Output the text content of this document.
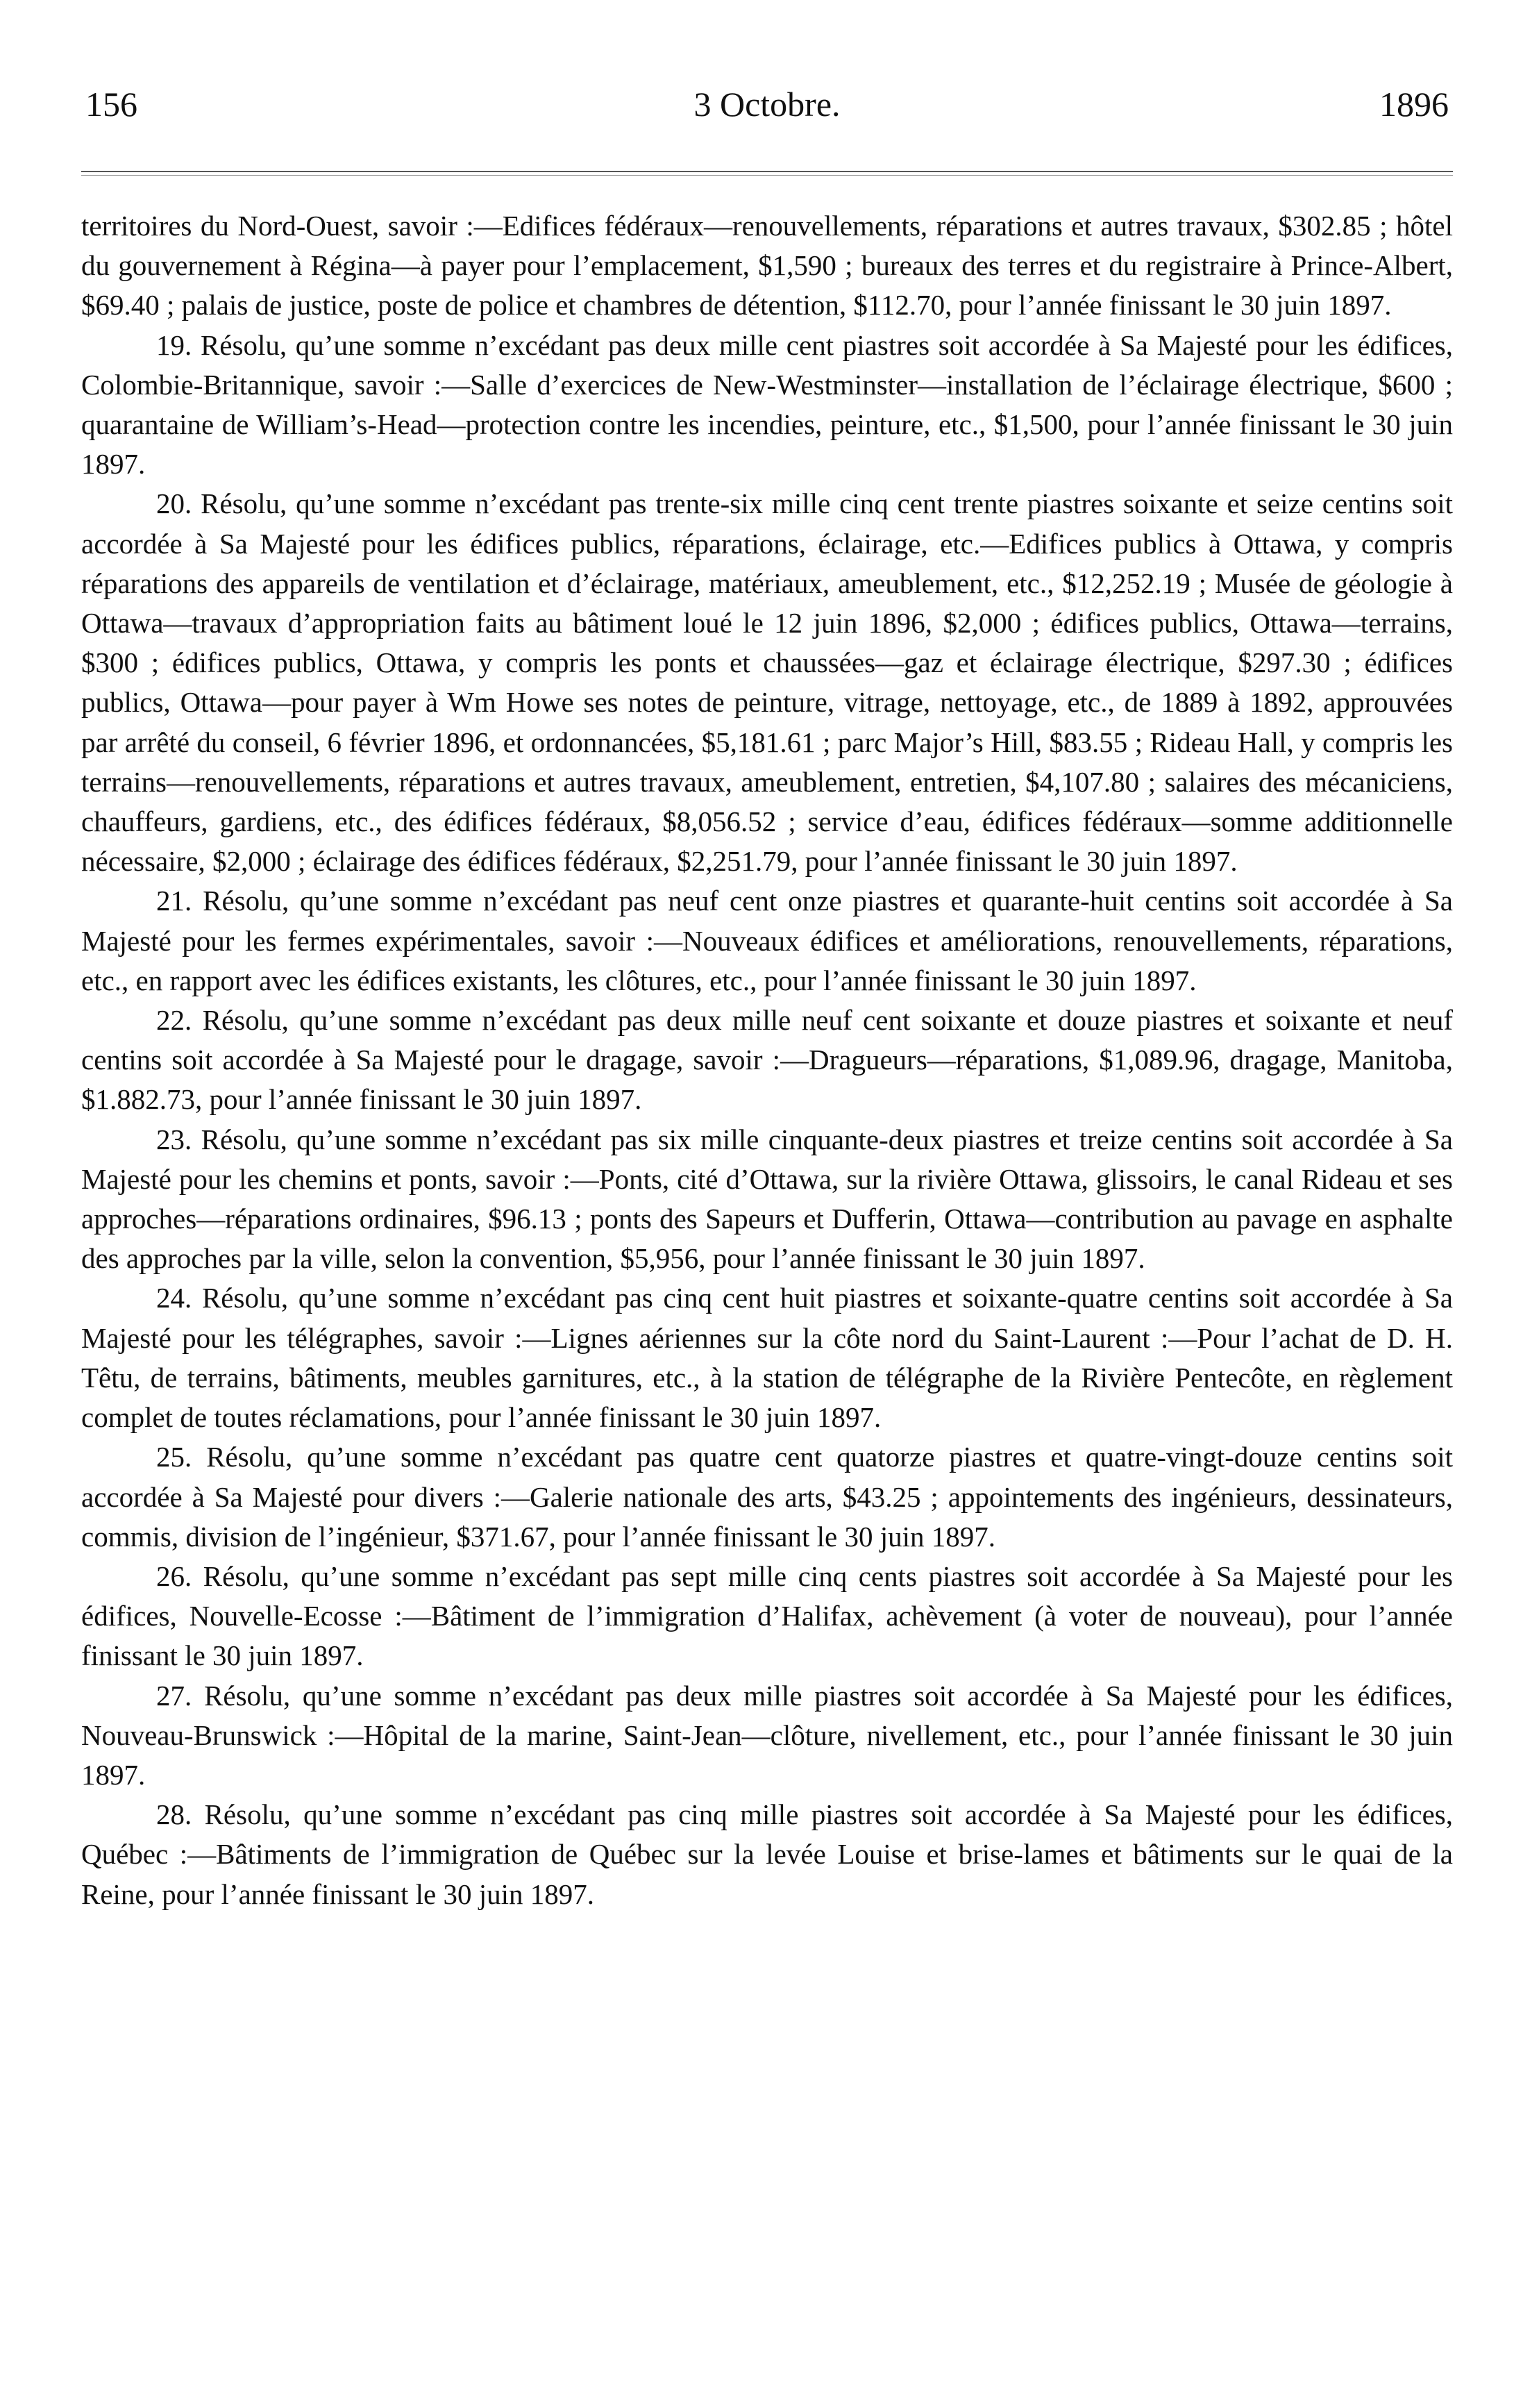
156	3 Octobre.	1896

territoires du Nord-Ouest, savoir :—Edifices fédéraux—renouvellements, réparations et autres travaux, $302.85 ; hôtel du gouvernement à Régina—à payer pour l’emplacement, $1,590 ; bureaux des terres et du registraire à Prince-Albert, $69.40 ; palais de justice, poste de police et chambres de détention, $112.70, pour l’année finissant le 30 juin 1897.

19. Résolu, qu’une somme n’excédant pas deux mille cent piastres soit accordée à Sa Majesté pour les édifices, Colombie-Britannique, savoir :—Salle d’exercices de New-Westminster—installation de l’éclairage électrique, $600 ; quarantaine de William’s-Head—protection contre les incendies, peinture, etc., $1,500, pour l’année finissant le 30 juin 1897.

20. Résolu, qu’une somme n’excédant pas trente-six mille cinq cent trente piastres soixante et seize centins soit accordée à Sa Majesté pour les édifices publics, réparations, éclairage, etc.—Edifices publics à Ottawa, y compris réparations des appareils de ventilation et d’éclairage, matériaux, ameublement, etc., $12,252.19 ; Musée de géologie à Ottawa—travaux d’appropriation faits au bâtiment loué le 12 juin 1896, $2,000 ; édifices publics, Ottawa—terrains, $300 ; édifices publics, Ottawa, y compris les ponts et chaussées—gaz et éclairage électrique, $297.30 ; édifices publics, Ottawa—pour payer à Wm Howe ses notes de peinture, vitrage, nettoyage, etc., de 1889 à 1892, approuvées par arrêté du conseil, 6 février 1896, et ordonnancées, $5,181.61 ; parc Major’s Hill, $83.55 ; Rideau Hall, y compris les terrains—renouvellements, réparations et autres travaux, ameublement, entretien, $4,107.80 ; salaires des mécaniciens, chauffeurs, gardiens, etc., des édifices fédéraux, $8,056.52 ; service d’eau, édifices fédéraux—somme additionnelle nécessaire, $2,000 ; éclairage des édifices fédéraux, $2,251.79, pour l’année finissant le 30 juin 1897.

21. Résolu, qu’une somme n’excédant pas neuf cent onze piastres et quarante-huit centins soit accordée à Sa Majesté pour les fermes expérimentales, savoir :—Nouveaux édifices et améliorations, renouvellements, réparations, etc., en rapport avec les édifices existants, les clôtures, etc., pour l’année finissant le 30 juin 1897.

22. Résolu, qu’une somme n’excédant pas deux mille neuf cent soixante et douze piastres et soixante et neuf centins soit accordée à Sa Majesté pour le dragage, savoir :—Dragueurs—réparations, $1,089.96, dragage, Manitoba, $1.882.73, pour l’année finissant le 30 juin 1897.

23. Résolu, qu’une somme n’excédant pas six mille cinquante-deux piastres et treize centins soit accordée à Sa Majesté pour les chemins et ponts, savoir :—Ponts, cité d’Ottawa, sur la rivière Ottawa, glissoirs, le canal Rideau et ses approches—réparations ordinaires, $96.13 ; ponts des Sapeurs et Dufferin, Ottawa—contribution au pavage en asphalte des approches par la ville, selon la convention, $5,956, pour l’année finissant le 30 juin 1897.

24. Résolu, qu’une somme n’excédant pas cinq cent huit piastres et soixante-quatre centins soit accordée à Sa Majesté pour les télégraphes, savoir :—Lignes aériennes sur la côte nord du Saint-Laurent :—Pour l’achat de D. H. Têtu, de terrains, bâtiments, meubles garnitures, etc., à la station de télégraphe de la Rivière Pentecôte, en règlement complet de toutes réclamations, pour l’année finissant le 30 juin 1897.

25. Résolu, qu’une somme n’excédant pas quatre cent quatorze piastres et quatre-vingt-douze centins soit accordée à Sa Majesté pour divers :—Galerie nationale des arts, $43.25 ; appointements des ingénieurs, dessinateurs, commis, division de l’ingénieur, $371.67, pour l’année finissant le 30 juin 1897.

26. Résolu, qu’une somme n’excédant pas sept mille cinq cents piastres soit accordée à Sa Majesté pour les édifices, Nouvelle-Ecosse :—Bâtiment de l’immigration d’Halifax, achèvement (à voter de nouveau), pour l’année finissant le 30 juin 1897.

27. Résolu, qu’une somme n’excédant pas deux mille piastres soit accordée à Sa Majesté pour les édifices, Nouveau-Brunswick :—Hôpital de la marine, Saint-Jean—clôture, nivellement, etc., pour l’année finissant le 30 juin 1897.

28. Résolu, qu’une somme n’excédant pas cinq mille piastres soit accordée à Sa Majesté pour les édifices, Québec :—Bâtiments de l’immigration de Québec sur la levée Louise et brise-lames et bâtiments sur le quai de la Reine, pour l’année finissant le 30 juin 1897.
